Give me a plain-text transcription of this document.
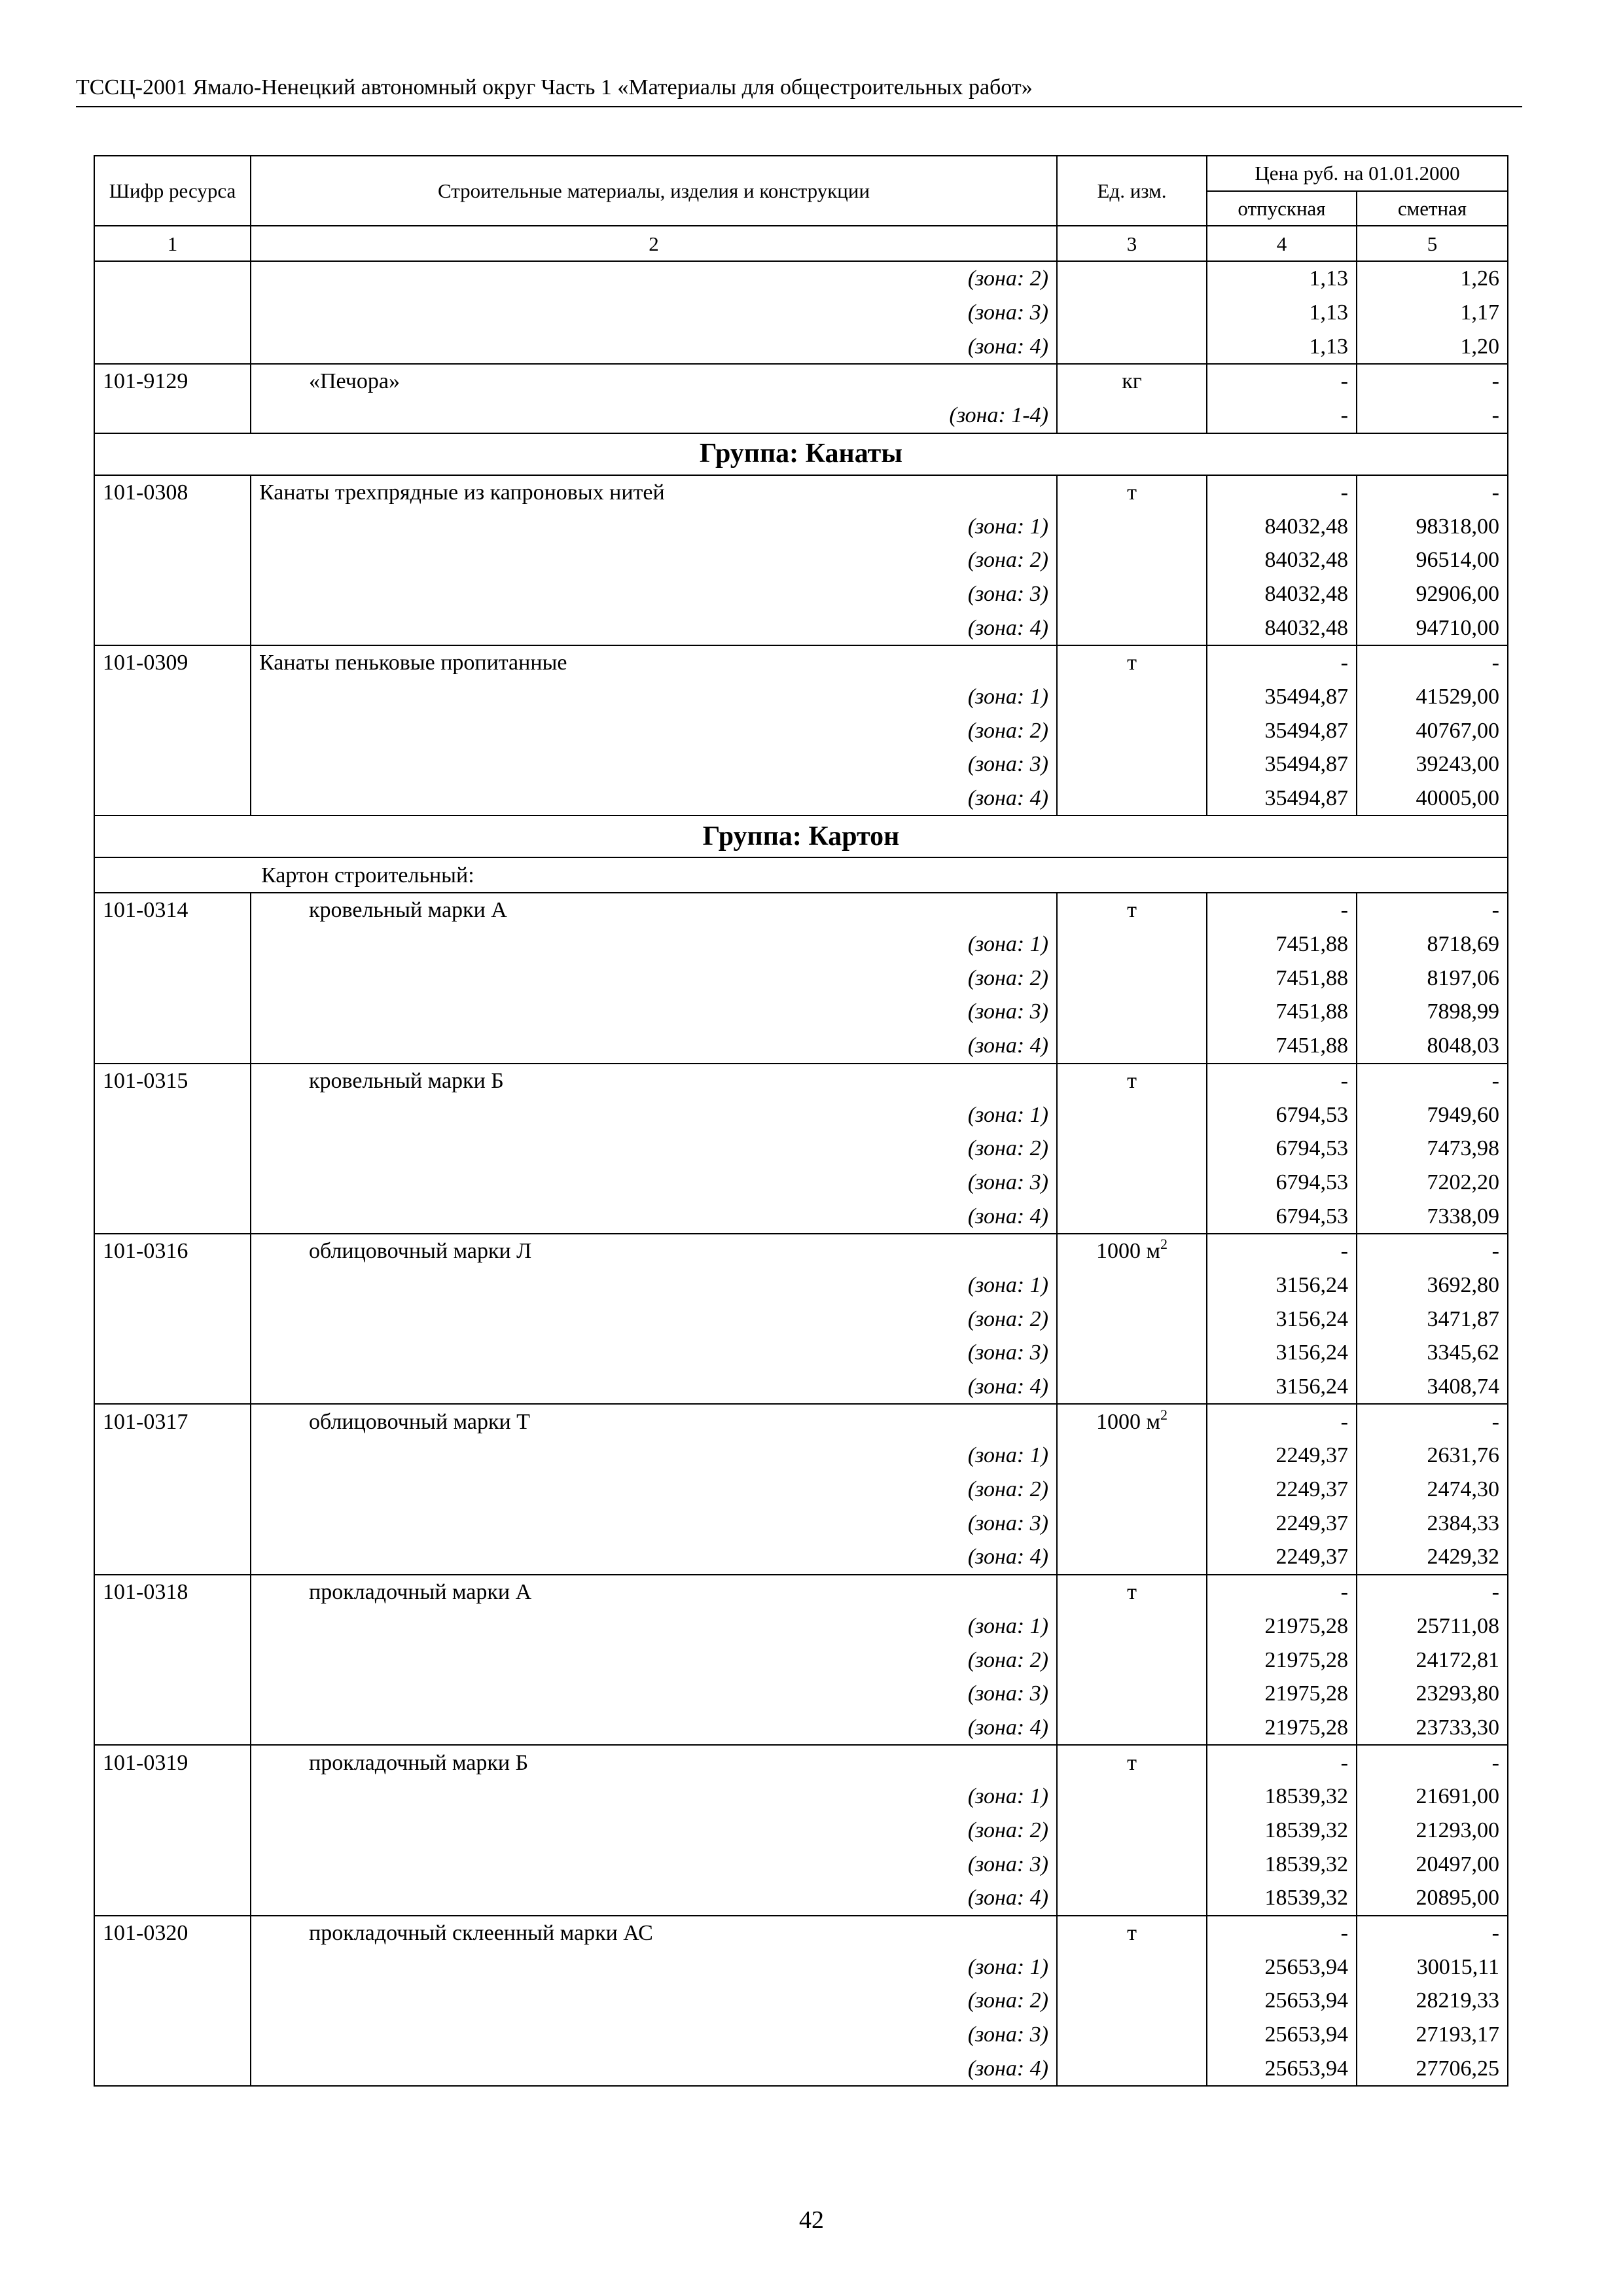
ТССЦ-2001 Ямало-Ненецкий автономный округ Часть 1 «Материалы для общестроительных работ»
Шифр ресурса	Строительные материалы, изделия и конструкции	Ед. изм.	Цена руб. на 01.01.2000	
			отпускная	сметная
1	2	3	4	5
	(зона: 2)		1,13	1,26
	(зона: 3)		1,13	1,17
	(зона: 4)		1,13	1,20
101-9129	«Печора»	кг	-	-
	(зона: 1-4)		-	-
Группа: Канаты				
101-0308	Канаты трехпрядные из капроновых нитей	т	-	-
	(зона: 1)		84032,48	98318,00
	(зона: 2)		84032,48	96514,00
	(зона: 3)		84032,48	92906,00
	(зона: 4)		84032,48	94710,00
101-0309	Канаты пеньковые пропитанные	т	-	-
	(зона: 1)		35494,87	41529,00
	(зона: 2)		35494,87	40767,00
	(зона: 3)		35494,87	39243,00
	(зона: 4)		35494,87	40005,00
Группа: Картон				
Картон строительный:				
101-0314	кровельный марки А	т	-	-
	(зона: 1)		7451,88	8718,69
	(зона: 2)		7451,88	8197,06
	(зона: 3)		7451,88	7898,99
	(зона: 4)		7451,88	8048,03
101-0315	кровельный марки Б	т	-	-
	(зона: 1)		6794,53	7949,60
	(зона: 2)		6794,53	7473,98
	(зона: 3)		6794,53	7202,20
	(зона: 4)		6794,53	7338,09
101-0316	облицовочный марки Л	1000 $м^2$	-	-
	(зона: 1)		3156,24	3692,80
	(зона: 2)		3156,24	3471,87
	(зона: 3)		3156,24	3345,62
	(зона: 4)		3156,24	3408,74
101-0317	облицовочный марки Т	1000 $м^2$	-	-
	(зона: 1)		2249,37	2631,76
	(зона: 2)		2249,37	2474,30
	(зона: 3)		2249,37	2384,33
	(зона: 4)		2249,37	2429,32
101-0318	прокладочный марки А	т	-	-
	(зона: 1)		21975,28	25711,08
	(зона: 2)		21975,28	24172,81
	(зона: 3)		21975,28	23293,80
	(зона: 4)		21975,28	23733,30
101-0319	прокладочный марки Б	т	-	-
	(зона: 1)		18539,32	21691,00
	(зона: 2)		18539,32	21293,00
	(зона: 3)		18539,32	20497,00
	(зона: 4)		18539,32	20895,00
101-0320	прокладочный склеенный марки АС	т	-	-
	(зона: 1)		25653,94	30015,11
	(зона: 2)		25653,94	28219,33
	(зона: 3)		25653,94	27193,17
	(зона: 4)		25653,94	27706,25
42
